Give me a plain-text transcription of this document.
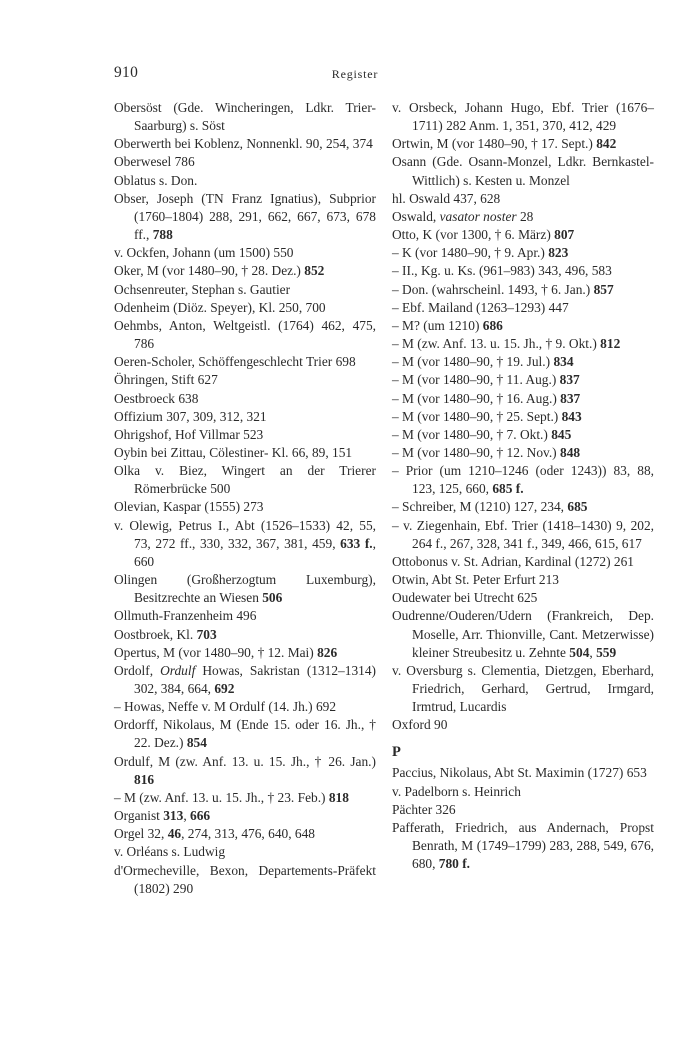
910	Register

Obersöst (Gde. Wincheringen, Ldkr. Trier-Saarburg) s. Söst

Oberwerth bei Koblenz, Nonnenkl. 90, 254, 374

Oberwesel 786

Oblatus s. Don.

Obser, Joseph (TN Franz Ignatius), Subprior (1760–1804) 288, 291, 662, 667, 673, 678 ff., 788

v. Ockfen, Johann (um 1500) 550

Oker, M (vor 1480–90, † 28. Dez.) 852

Ochsenreuter, Stephan s. Gautier

Odenheim (Diöz. Speyer), Kl. 250, 700

Oehmbs, Anton, Weltgeistl. (1764) 462, 475, 786

Oeren-Scholer, Schöffengeschlecht Trier 698

Öhringen, Stift 627

Oestbroeck 638

Offizium 307, 309, 312, 321

Ohrigshof, Hof Villmar 523

Oybin bei Zittau, Cölestiner- Kl. 66, 89, 151

Olka v. Biez, Wingert an der Trierer Römerbrücke 500

Olevian, Kaspar (1555) 273

v. Olewig, Petrus I., Abt (1526–1533) 42, 55, 73, 272 ff., 330, 332, 367, 381, 459, 633 f., 660

Olingen (Großherzogtum Luxemburg), Besitzrechte an Wiesen 506

Ollmuth-Franzenheim 496

Oostbroek, Kl. 703

Opertus, M (vor 1480–90, † 12. Mai) 826

Ordolf, Ordulf Howas, Sakristan (1312–1314) 302, 384, 664, 692

– Howas, Neffe v. M Ordulf (14. Jh.) 692

Ordorff, Nikolaus, M (Ende 15. oder 16. Jh., † 22. Dez.) 854

Ordulf, M (zw. Anf. 13. u. 15. Jh., † 26. Jan.) 816

– M (zw. Anf. 13. u. 15. Jh., † 23. Feb.) 818

Organist 313, 666

Orgel 32, 46, 274, 313, 476, 640, 648

v. Orléans s. Ludwig

d'Ormecheville, Bexon, Departements-Präfekt (1802) 290

v. Orsbeck, Johann Hugo, Ebf. Trier (1676–1711) 282 Anm. 1, 351, 370, 412, 429

Ortwin, M (vor 1480–90, † 17. Sept.) 842

Osann (Gde. Osann-Monzel, Ldkr. Bernkastel-Wittlich) s. Kesten u. Monzel

hl. Oswald 437, 628

Oswald, vasator noster 28

Otto, K (vor 1300, † 6. März) 807

– K (vor 1480–90, † 9. Apr.) 823

– II., Kg. u. Ks. (961–983) 343, 496, 583

– Don. (wahrscheinl. 1493, † 6. Jan.) 857

– Ebf. Mailand (1263–1293) 447

– M? (um 1210) 686

– M (zw. Anf. 13. u. 15. Jh., † 9. Okt.) 812

– M (vor 1480–90, † 19. Jul.) 834

– M (vor 1480–90, † 11. Aug.) 837

– M (vor 1480–90, † 16. Aug.) 837

– M (vor 1480–90, † 25. Sept.) 843

– M (vor 1480–90, † 7. Okt.) 845

– M (vor 1480–90, † 12. Nov.) 848

– Prior (um 1210–1246 (oder 1243)) 83, 88, 123, 125, 660, 685 f.

– Schreiber, M (1210) 127, 234, 685

– v. Ziegenhain, Ebf. Trier (1418–1430) 9, 202, 264 f., 267, 328, 341 f., 349, 466, 615, 617

Ottobonus v. St. Adrian, Kardinal (1272) 261

Otwin, Abt St. Peter Erfurt 213

Oudewater bei Utrecht 625

Oudrenne/Ouderen/Udern (Frankreich, Dep. Moselle, Arr. Thionville, Cant. Metzerwisse) kleiner Streubesitz u. Zehnte 504, 559

v. Oversburg s. Clementia, Dietzgen, Eberhard, Friedrich, Gerhard, Gertrud, Irmgard, Irmtrud, Lucardis

Oxford 90

P

Paccius, Nikolaus, Abt St. Maximin (1727) 653

v. Padelborn s. Heinrich

Pächter 326

Pafferath, Friedrich, aus Andernach, Propst Benrath, M (1749–1799) 283, 288, 549, 676, 680, 780 f.
